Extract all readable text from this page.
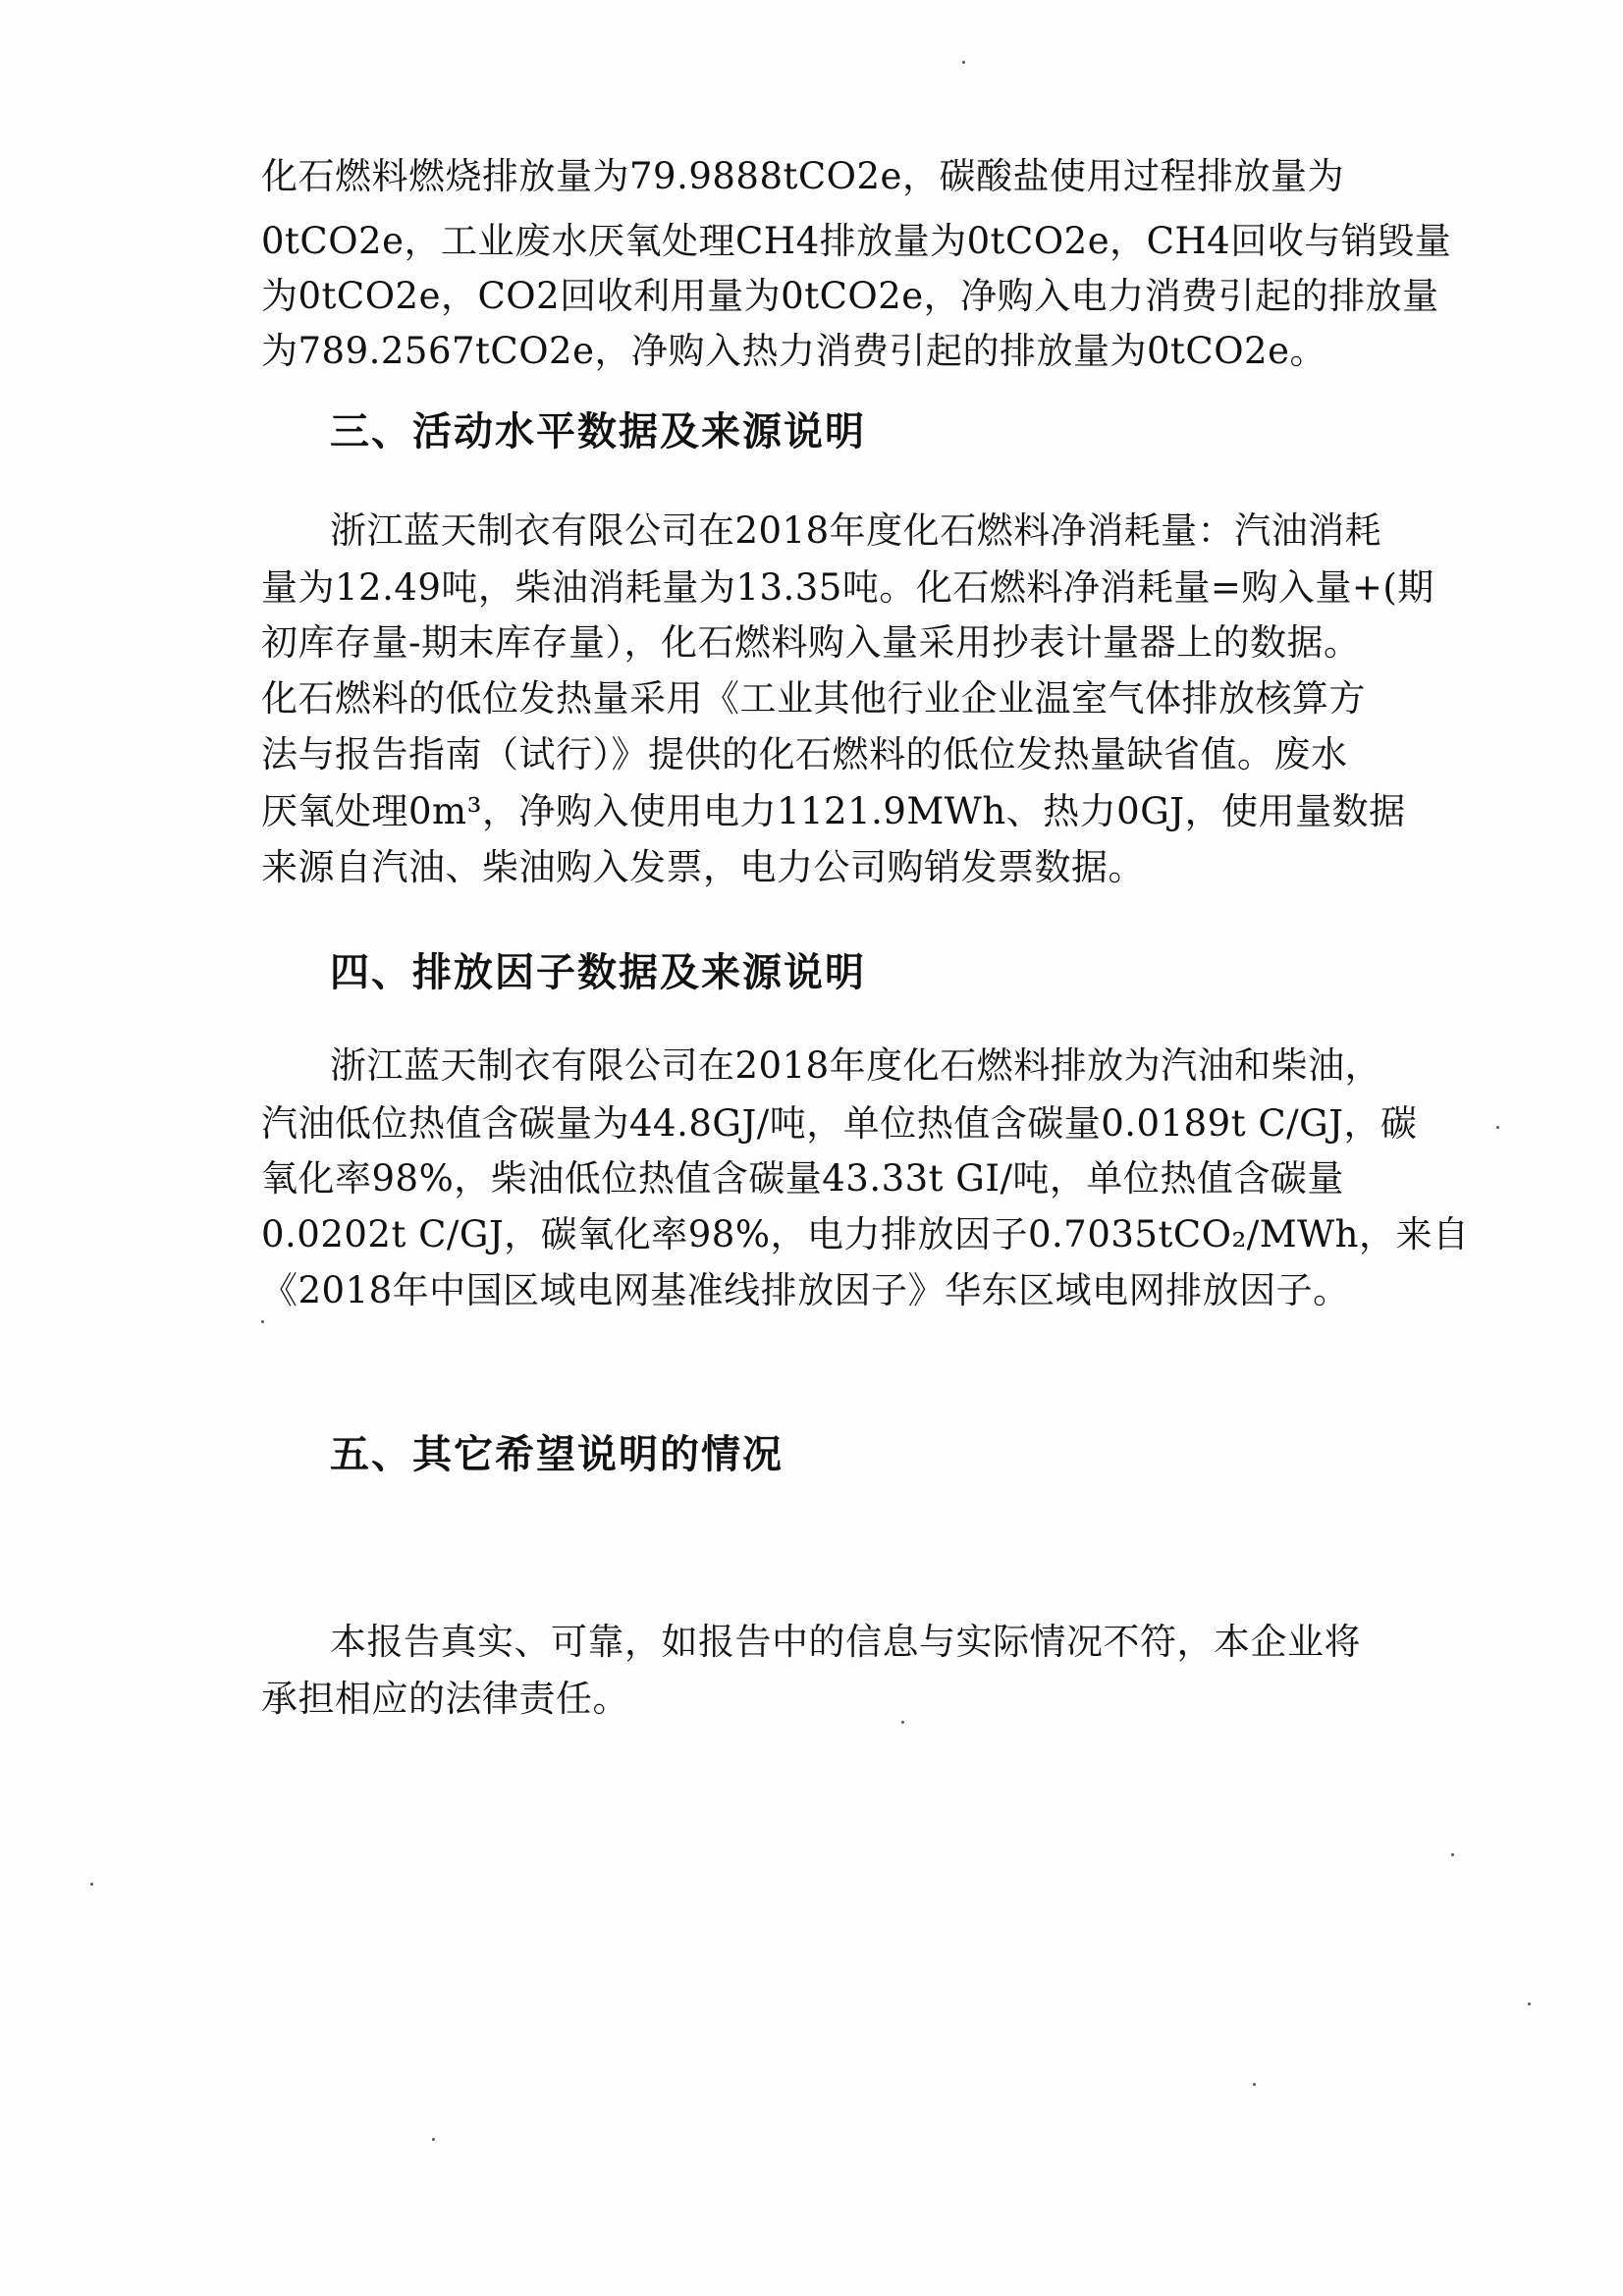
化石燃料燃烧排放量为79.9888tCO2e，碳酸盐使用过程排放量为
0tCO2e，工业废水厌氧处理CH4排放量为0tCO2e，CH4回收与销毁量
为0tCO2e，CO2回收利用量为0tCO2e，净购入电力消费引起的排放量
为789.2567tCO2e，净购入热力消费引起的排放量为0tCO2e。
三、活动水平数据及来源说明
浙江蓝天制衣有限公司在2018年度化石燃料净消耗量：汽油消耗
量为12.49吨，柴油消耗量为13.35吨。化石燃料净消耗量=购入量+(期
初库存量-期末库存量），化石燃料购入量采用抄表计量器上的数据。
化石燃料的低位发热量采用《工业其他行业企业温室气体排放核算方
法与报告指南（试行）》提供的化石燃料的低位发热量缺省值。废水
厌氧处理0m³，净购入使用电力1121.9MWh、热力0GJ，使用量数据
来源自汽油、柴油购入发票，电力公司购销发票数据。
四、排放因子数据及来源说明
浙江蓝天制衣有限公司在2018年度化石燃料排放为汽油和柴油，
汽油低位热值含碳量为44.8GJ/吨，单位热值含碳量0.0189t C/GJ，碳
氧化率98%，柴油低位热值含碳量43.33t GI/吨，单位热值含碳量
0.0202t C/GJ，碳氧化率98%，电力排放因子0.7035tCO₂/MWh，来自
《2018年中国区域电网基准线排放因子》华东区域电网排放因子。
五、其它希望说明的情况
本报告真实、可靠，如报告中的信息与实际情况不符，本企业将
承担相应的法律责任。
